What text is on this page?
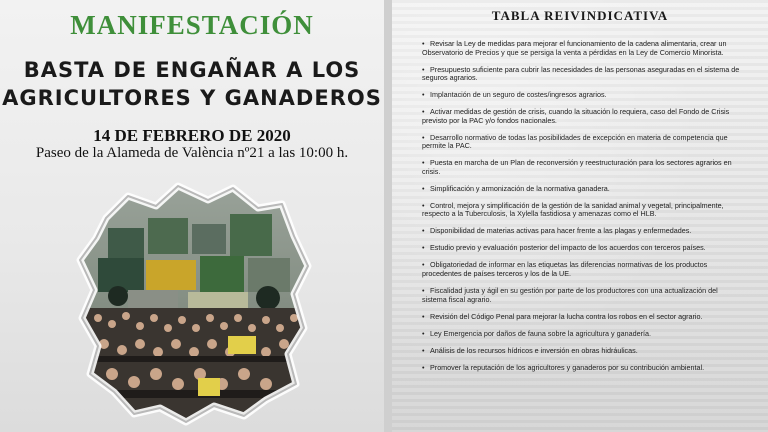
MANIFESTACIÓN
BASTA DE ENGAÑAR A LOS
AGRICULTORES Y GANADEROS
14 DE FEBRERO DE 2020
Paseo de la Alameda de València nº21 a las 10:00 h.
TABLA REIVINDICATIVA
• Revisar la Ley de medidas para mejorar el funcionamiento de la cadena alimentaria, crear un Observatorio de Precios y que se persiga la venta a pérdidas en la Ley de Comercio Minorista.
• Presupuesto suficiente para cubrir las necesidades de las personas aseguradas en el sistema de seguros agrarios.
• Implantación de un seguro de costes/ingresos agrarios.
• Activar medidas de gestión de crisis, cuando la situación lo requiera, caso del Fondo de Crisis previsto por la PAC y/o fondos nacionales.
• Desarrollo normativo de todas las posibilidades de excepción en materia de competencia que permite la PAC.
• Puesta en marcha de un Plan de reconversión y reestructuración para los sectores agrarios en crisis.
• Simplificación y armonización de la normativa ganadera.
• Control, mejora y simplificación de la gestión de la sanidad animal y vegetal, principalmente, respecto a la Tuberculosis, la Xylella fastidiosa y amenazas como el HLB.
• Disponibilidad de materias activas para hacer frente a las plagas y enfermedades.
• Estudio previo y evaluación posterior del impacto de los acuerdos con terceros países.
• Obligatoriedad de informar en las etiquetas las diferencias normativas de los productos procedentes de países terceros y los de la UE.
• Fiscalidad justa y ágil en su gestión por parte de los productores con una actualización del sistema fiscal agrario.
• Revisión del Código Penal para mejorar la lucha contra los robos en el sector agrario.
• Ley Emergencia por daños de fauna sobre la agricultura y ganadería.
• Análisis de los recursos hídricos e inversión en obras hidráulicas.
• Promover la reputación de los agricultores y ganaderos por su contribución ambiental.
